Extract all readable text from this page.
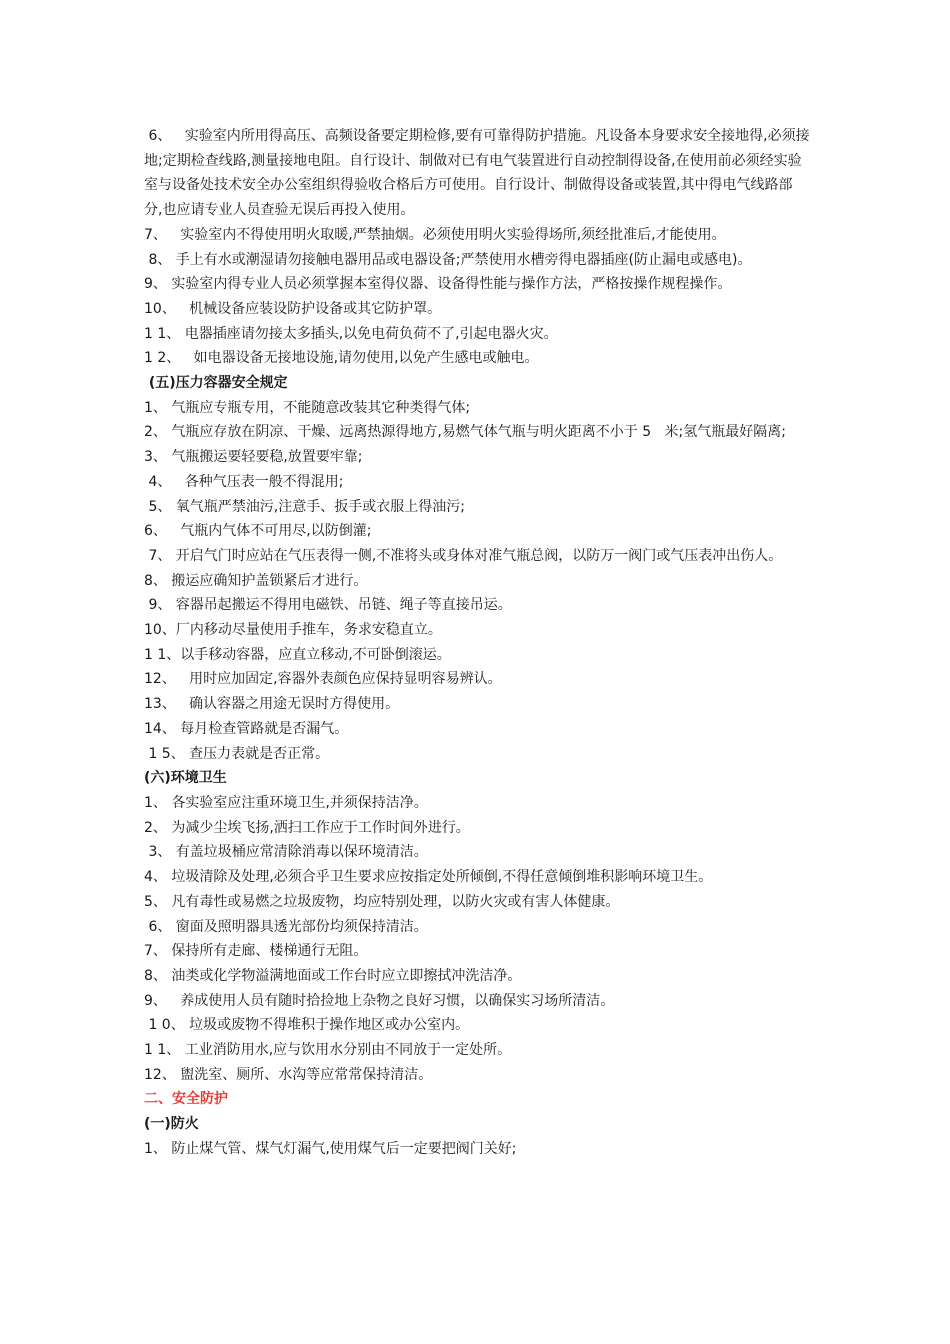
6、   实验室内所用得高压、高频设备要定期检修,要有可靠得防护措施。凡设备本身要求安全接地得,必须接地;定期检查线路,测量接地电阻。自行设计、制做对已有电气装置进行自动控制得设备,在使用前必须经实验室与设备处技术安全办公室组织得验收合格后方可使用。自行设计、制做得设备或装置,其中得电气线路部分,也应请专业人员查验无误后再投入使用。

7、   实验室内不得使用明火取暖,严禁抽烟。必须使用明火实验得场所,须经批准后,才能使用。

8、 手上有水或潮湿请勿接触电器用品或电器设备;严禁使用水槽旁得电器插座(防止漏电或感电)。

9、 实验室内得专业人员必须掌握本室得仪器、设备得性能与操作方法，严格按操作规程操作。

10、   机械设备应装设防护设备或其它防护罩。

1 1、 电器插座请勿接太多插头,以免电荷负荷不了,引起电器火灾。

1 2、   如电器设备无接地设施,请勿使用,以免产生感电或触电。

(五)压力容器安全规定

1、 气瓶应专瓶专用，不能随意改装其它种类得气体;

2、 气瓶应存放在阴凉、干燥、远离热源得地方,易燃气体气瓶与明火距离不小于 5   米;氢气瓶最好隔离;

3、 气瓶搬运要轻要稳,放置要牢靠;

4、   各种气压表一般不得混用;

5、 氧气瓶严禁油污,注意手、扳手或衣服上得油污;

6、   气瓶内气体不可用尽,以防倒灌;

7、 开启气门时应站在气压表得一侧,不准将头或身体对准气瓶总阀，以防万一阀门或气压表冲出伤人。

8、 搬运应确知护盖锁紧后才进行。

9、 容器吊起搬运不得用电磁铁、吊链、绳子等直接吊运。

10、厂内移动尽量使用手推车，务求安稳直立。

1 1、以手移动容器，应直立移动,不可卧倒滚运。

12、   用时应加固定,容器外表颜色应保持显明容易辨认。

13、   确认容器之用途无误时方得使用。

14、 每月检查管路就是否漏气。

1 5、 查压力表就是否正常。

(六)环境卫生

1、 各实验室应注重环境卫生,并须保持洁净。

2、 为减少尘埃飞扬,洒扫工作应于工作时间外进行。

3、 有盖垃圾桶应常清除消毒以保环境清洁。

4、 垃圾清除及处理,必须合乎卫生要求应按指定处所倾倒,不得任意倾倒堆积影响环境卫生。

5、 凡有毒性或易燃之垃圾废物，均应特别处理，以防火灾或有害人体健康。

6、 窗面及照明器具透光部份均须保持清洁。

7、 保持所有走廊、楼梯通行无阻。

8、 油类或化学物溢满地面或工作台时应立即擦拭冲洗洁净。

9、   养成使用人员有随时拾捡地上杂物之良好习惯，以确保实习场所清洁。

1 0、 垃圾或废物不得堆积于操作地区或办公室内。

1 1、 工业消防用水,应与饮用水分别由不同放于一定处所。

12、 盥洗室、厕所、水沟等应常常保持清洁。

二、安全防护

(一)防火

1、 防止煤气管、煤气灯漏气,使用煤气后一定要把阀门关好;
